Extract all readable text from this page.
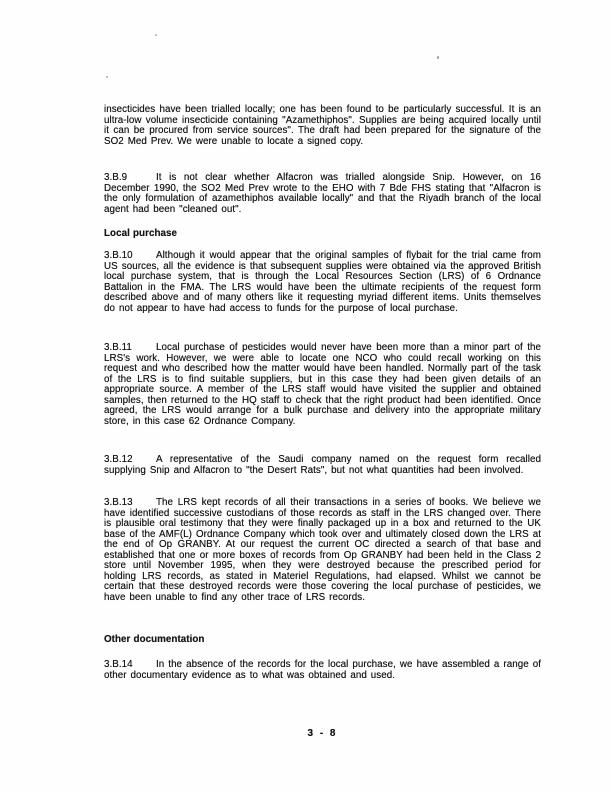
insecticides have been trialled locally; one has been found to be particularly successful. It is an ultra-low volume insecticide containing "Azamethiphos". Supplies are being acquired locally until it can be procured from service sources". The draft had been prepared for the signature of the SO2 Med Prev. We were unable to locate a signed copy.

3.B.9	It is not clear whether Alfacron was trialled alongside Snip. However, on 16 December 1990, the SO2 Med Prev wrote to the EHO with 7 Bde FHS stating that "Alfacron is the only formulation of azamethiphos available locally" and that the Riyadh branch of the local agent had been "cleaned out".

Local purchase

3.B.10 Although it would appear that the original samples of flybait for the trial came from US sources, all the evidence is that subsequent supplies were obtained via the approved British local purchase system, that is through the Local Resources Section (LRS) of 6 Ordnance Battalion in the FMA. The LRS would have been the ultimate recipients of the request form described above and of many others like it requesting myriad different items. Units themselves do not appear to have had access to funds for the purpose of local purchase.

3.B.11 Local purchase of pesticides would never have been more than a minor part of the LRS's work. However, we were able to locate one NCO who could recall working on this request and who described how the matter would have been handled. Normally part of the task of the LRS is to find suitable suppliers, but in this case they had been given details of an appropriate source. A member of the LRS staff would have visited the supplier and obtained samples, then returned to the HQ staff to check that the right product had been identified. Once agreed, the LRS would arrange for a bulk purchase and delivery into the appropriate military store, in this case 62 Ordnance Company.

3.B.12 A representative of the Saudi company named on the request form recalled supplying Snip and Alfacron to "the Desert Rats", but not what quantities had been involved.

3.B.13 The LRS kept records of all their transactions in a series of books. We believe we have identified successive custodians of those records as staff in the LRS changed over. There is plausible oral testimony that they were finally packaged up in a box and returned to the UK base of the AMF(L) Ordnance Company which took over and ultimately closed down the LRS at the end of Op GRANBY. At our request the current OC directed a search of that base and established that one or more boxes of records from Op GRANBY had been held in the Class 2 store until November 1995, when they were destroyed because the prescribed period for holding LRS records, as stated in Materiel Regulations, had elapsed. Whilst we cannot be certain that these destroyed records were those covering the local purchase of pesticides, we have been unable to find any other trace of LRS records.

Other documentation

3.B.14 In the absence of the records for the local purchase, we have assembled a range of other documentary evidence as to what was obtained and used.

3 - 8
